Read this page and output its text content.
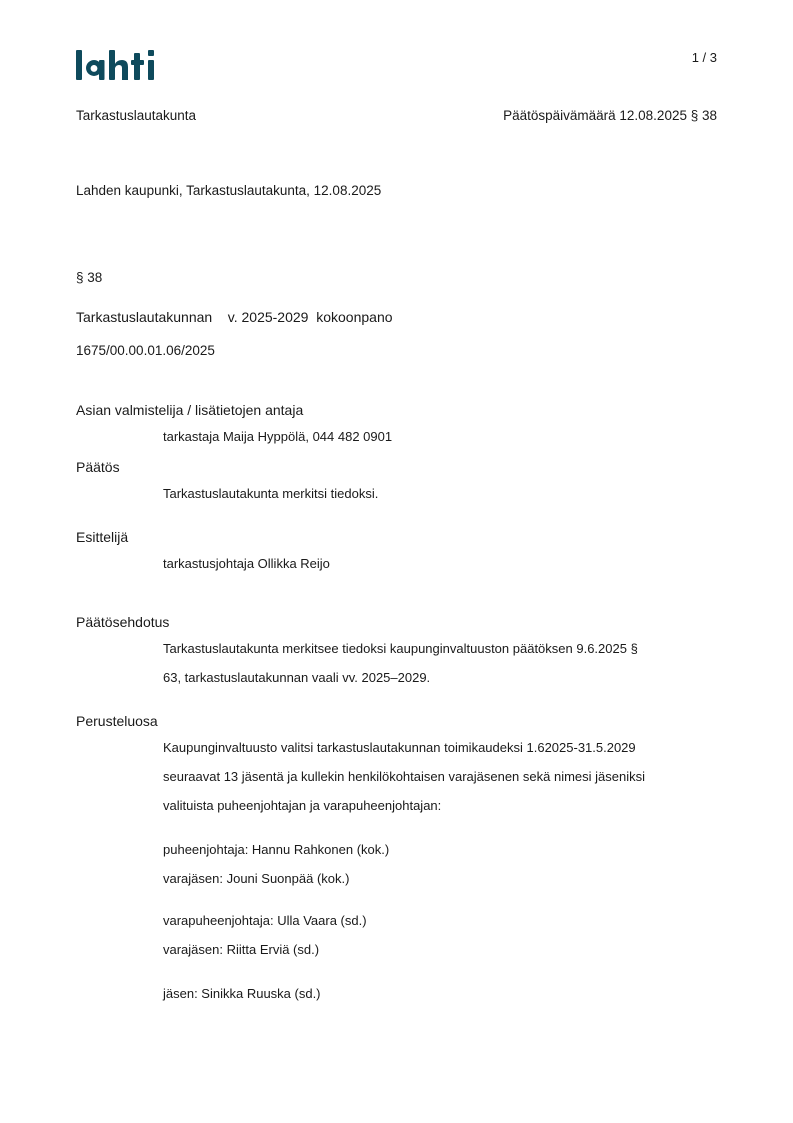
1 / 3
Tarkastuslautakunta	Päätöspäivämäärä 12.08.2025 § 38
Lahden kaupunki, Tarkastuslautakunta, 12.08.2025
§ 38
Tarkastuslautakunnan    v. 2025-2029  kokoonpano
1675/00.00.01.06/2025
Asian valmistelija / lisätietojen antaja
tarkastaja Maija Hyppölä, 044 482 0901
Päätös
Tarkastuslautakunta merkitsi tiedoksi.
Esittelijä
tarkastusjohtaja Ollikka Reijo
Päätösehdotus
Tarkastuslautakunta merkitsee tiedoksi kaupunginvaltuuston päätöksen 9.6.2025 §
63, tarkastuslautakunnan vaali vv. 2025–2029.
Perusteluosa
Kaupunginvaltuusto valitsi tarkastuslautakunnan toimikaudeksi 1.62025-31.5.2029
seuraavat 13 jäsentä ja kullekin henkilökohtaisen varajäsenen sekä nimesi jäseniksi
valituista puheenjohtajan ja varapuheenjohtajan:
puheenjohtaja: Hannu Rahkonen (kok.)
varajäsen: Jouni Suonpää (kok.)
varapuheenjohtaja: Ulla Vaara (sd.)
varajäsen: Riitta Erviä (sd.)
jäsen: Sinikka Ruuska (sd.)
